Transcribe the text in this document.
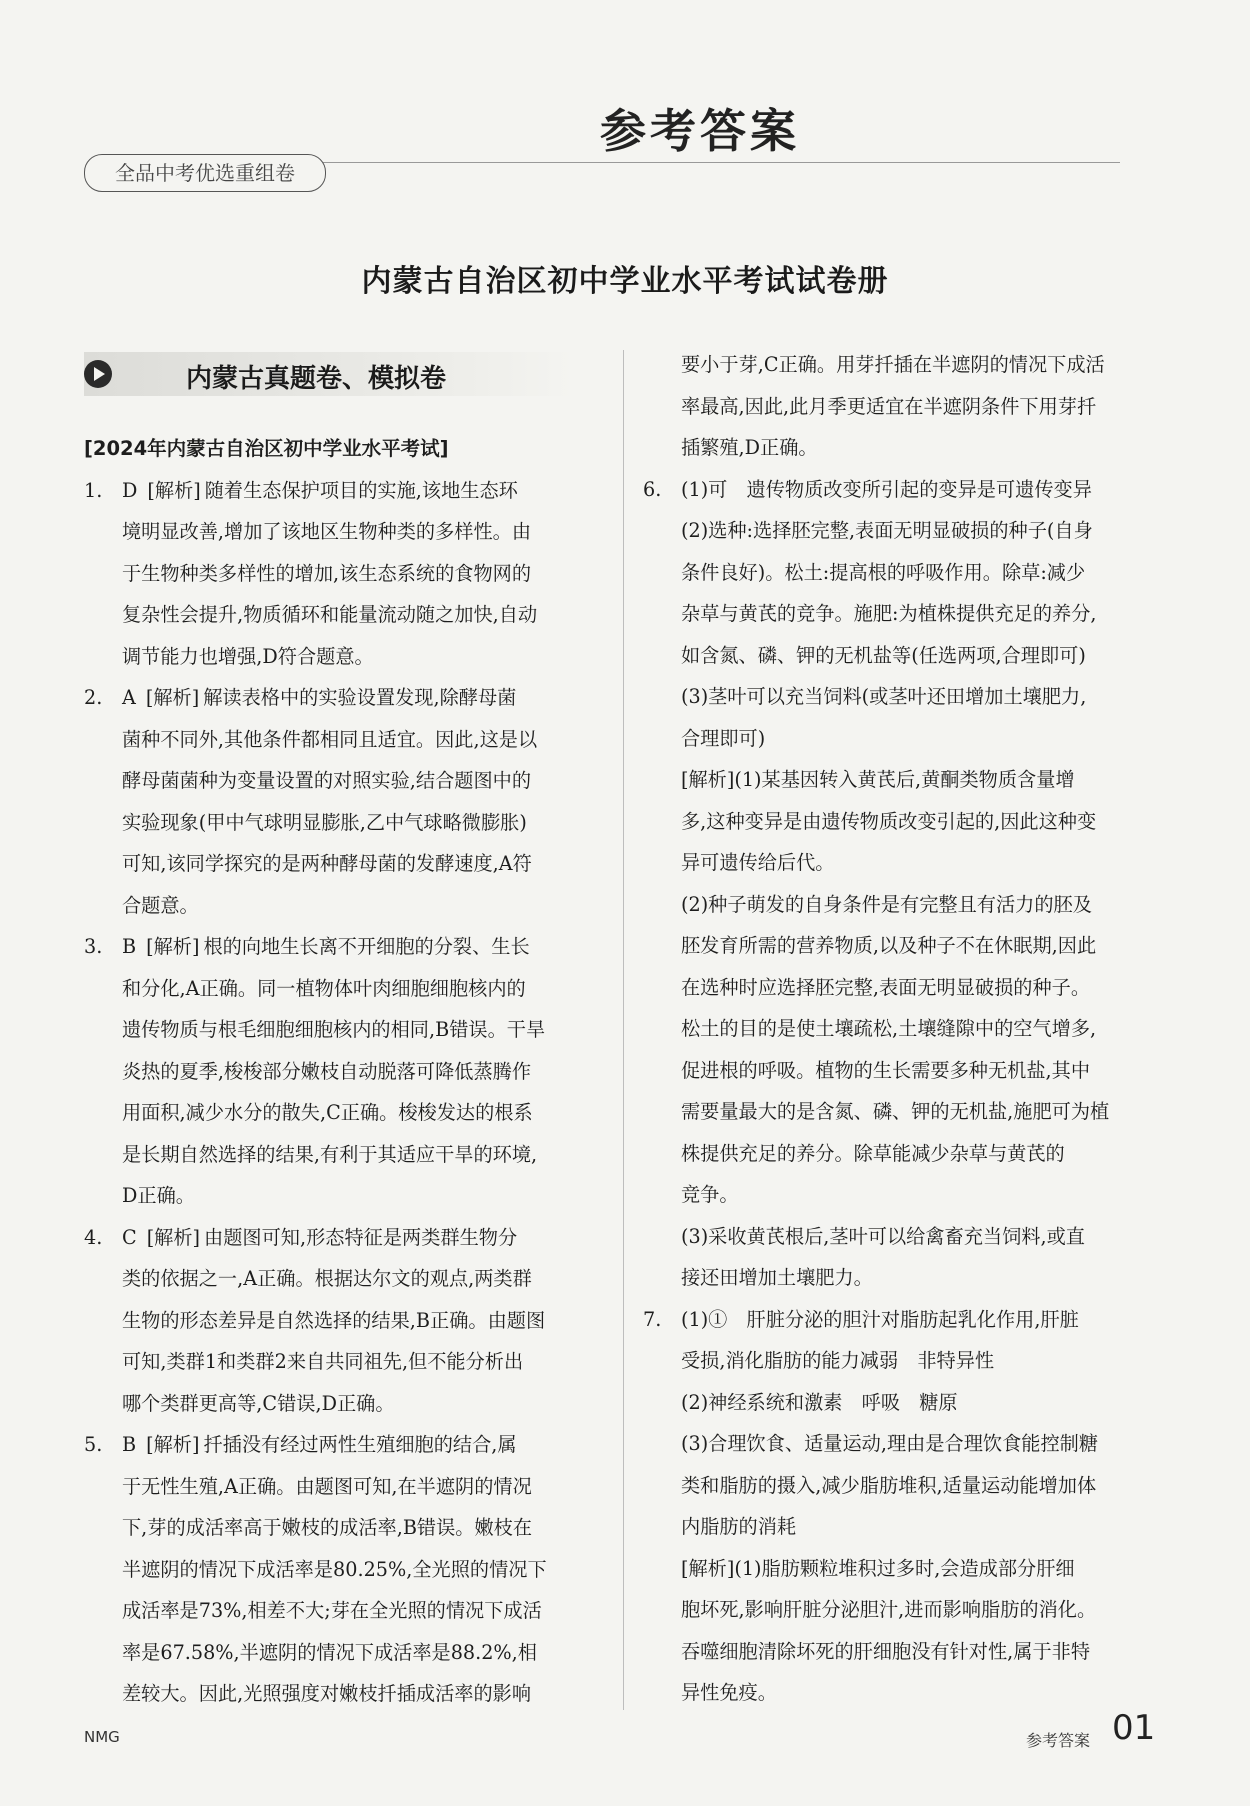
参考答案
全品中考优选重组卷
内蒙古自治区初中学业水平考试试卷册
内蒙古真题卷、模拟卷
[2024年内蒙古自治区初中学业水平考试]
1.	D [解析] 随着生态保护项目的实施,该地生态环
境明显改善,增加了该地区生物种类的多样性。由
于生物种类多样性的增加,该生态系统的食物网的
复杂性会提升,物质循环和能量流动随之加快,自动
调节能力也增强,D符合题意。
2.	A [解析] 解读表格中的实验设置发现,除酵母菌
菌种不同外,其他条件都相同且适宜。因此,这是以
酵母菌菌种为变量设置的对照实验,结合题图中的
实验现象(甲中气球明显膨胀,乙中气球略微膨胀)
可知,该同学探究的是两种酵母菌的发酵速度,A符
合题意。
3.	B [解析] 根的向地生长离不开细胞的分裂、生长
和分化,A正确。同一植物体叶肉细胞细胞核内的
遗传物质与根毛细胞细胞核内的相同,B错误。干旱
炎热的夏季,梭梭部分嫩枝自动脱落可降低蒸腾作
用面积,减少水分的散失,C正确。梭梭发达的根系
是长期自然选择的结果,有利于其适应干旱的环境,
D正确。
4.	C [解析] 由题图可知,形态特征是两类群生物分
类的依据之一,A正确。根据达尔文的观点,两类群
生物的形态差异是自然选择的结果,B正确。由题图
可知,类群1和类群2来自共同祖先,但不能分析出
哪个类群更高等,C错误,D正确。
5.	B [解析] 扦插没有经过两性生殖细胞的结合,属
于无性生殖,A正确。由题图可知,在半遮阴的情况
下,芽的成活率高于嫩枝的成活率,B错误。嫩枝在
半遮阴的情况下成活率是80.25%,全光照的情况下
成活率是73%,相差不大;芽在全光照的情况下成活
率是67.58%,半遮阴的情况下成活率是88.2%,相
差较大。因此,光照强度对嫩枝扦插成活率的影响
要小于芽,C正确。用芽扦插在半遮阴的情况下成活
率最高,因此,此月季更适宜在半遮阴条件下用芽扦
插繁殖,D正确。
6.	(1)可　遗传物质改变所引起的变异是可遗传变异
(2)选种:选择胚完整,表面无明显破损的种子(自身
条件良好)。松土:提高根的呼吸作用。除草:减少
杂草与黄芪的竞争。施肥:为植株提供充足的养分,
如含氮、磷、钾的无机盐等(任选两项,合理即可)
(3)茎叶可以充当饲料(或茎叶还田增加土壤肥力,
合理即可)
[解析](1)某基因转入黄芪后,黄酮类物质含量增
多,这种变异是由遗传物质改变引起的,因此这种变
异可遗传给后代。
(2)种子萌发的自身条件是有完整且有活力的胚及
胚发育所需的营养物质,以及种子不在休眠期,因此
在选种时应选择胚完整,表面无明显破损的种子。
松土的目的是使土壤疏松,土壤缝隙中的空气增多,
促进根的呼吸。植物的生长需要多种无机盐,其中
需要量最大的是含氮、磷、钾的无机盐,施肥可为植
株提供充足的养分。除草能减少杂草与黄芪的
竞争。
(3)采收黄芪根后,茎叶可以给禽畜充当饲料,或直
接还田增加土壤肥力。
7.	(1)①　肝脏分泌的胆汁对脂肪起乳化作用,肝脏
受损,消化脂肪的能力减弱　非特异性
(2)神经系统和激素　呼吸　糖原
(3)合理饮食、适量运动,理由是合理饮食能控制糖
类和脂肪的摄入,减少脂肪堆积,适量运动能增加体
内脂肪的消耗
[解析](1)脂肪颗粒堆积过多时,会造成部分肝细
胞坏死,影响肝脏分泌胆汁,进而影响脂肪的消化。
吞噬细胞清除坏死的肝细胞没有针对性,属于非特
异性免疫。
NMG	参考答案 01
